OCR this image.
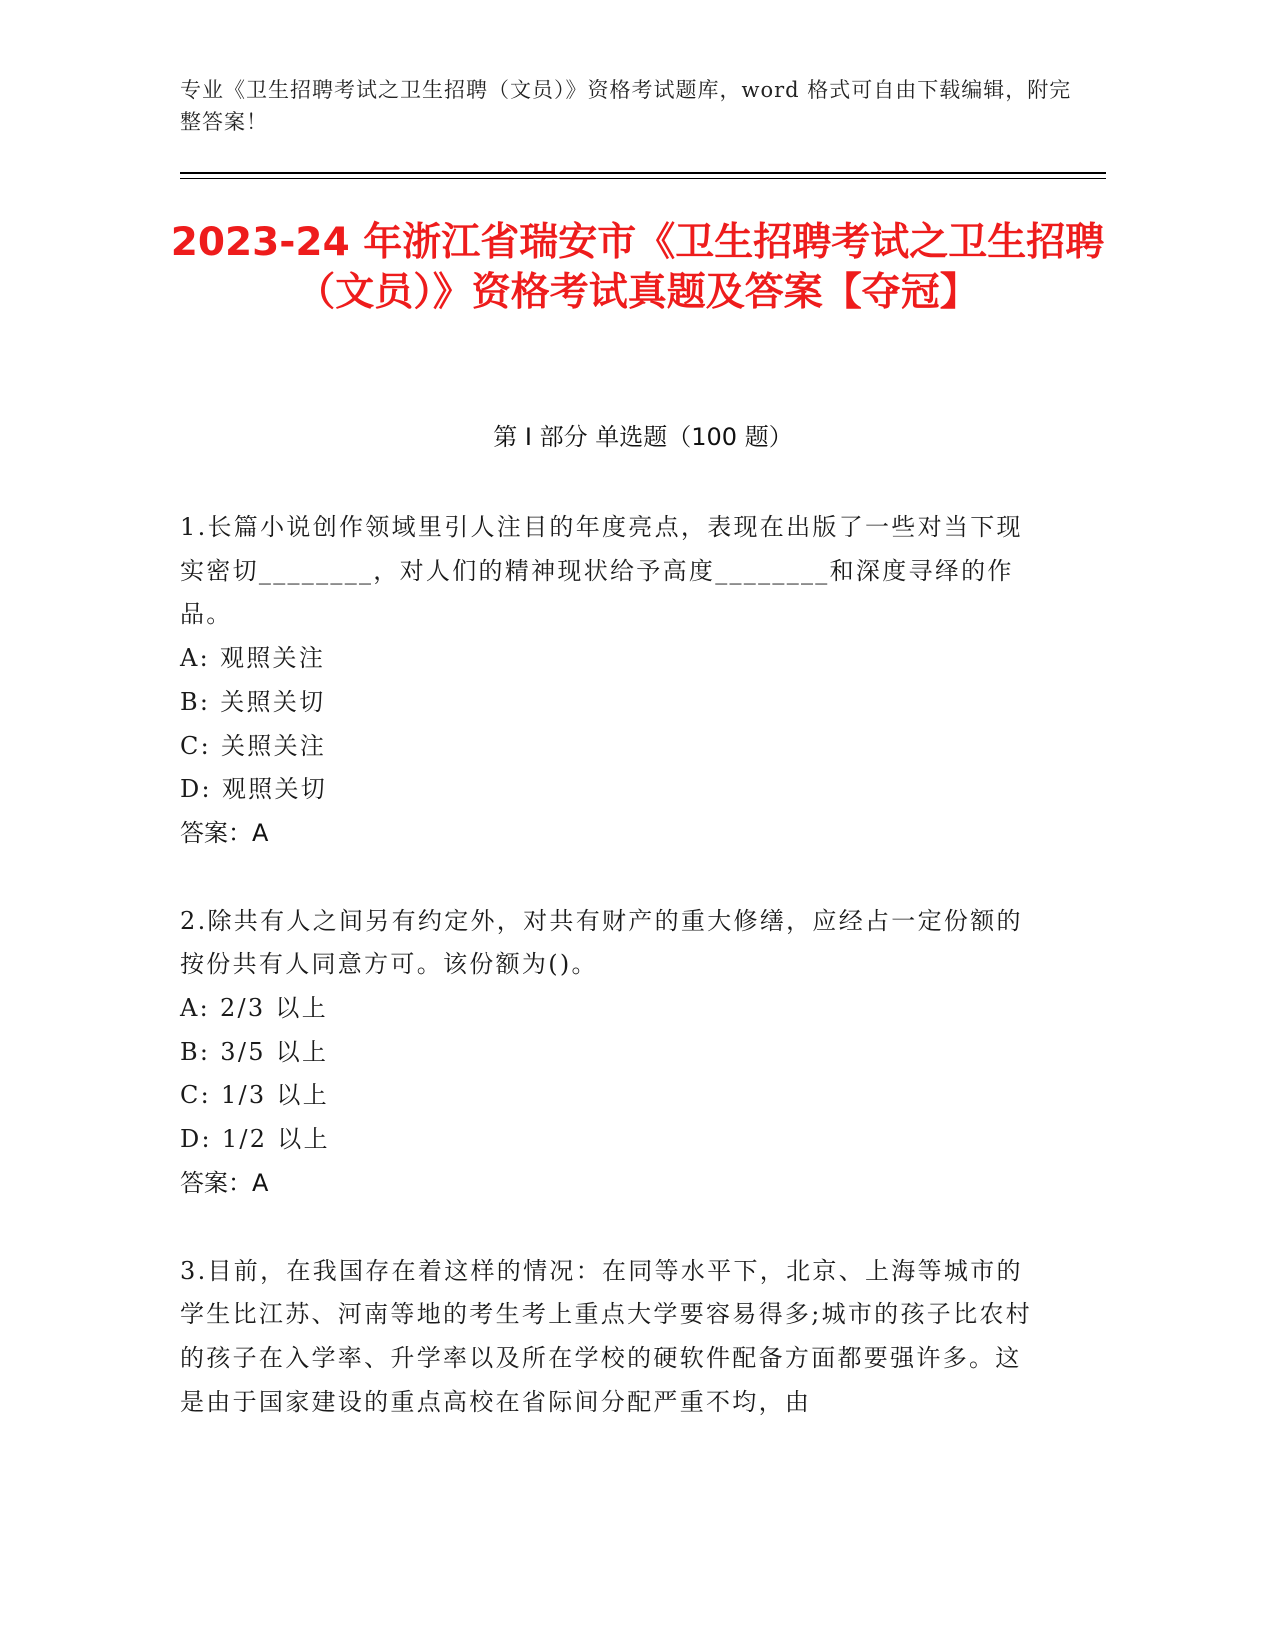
专业《卫生招聘考试之卫生招聘（文员）》资格考试题库，word 格式可自由下载编辑，附完整答案！
2023-24 年浙江省瑞安市《卫生招聘考试之卫生招聘（文员）》资格考试真题及答案【夺冠】
第 I 部分 单选题（100 题）

1.长篇小说创作领域里引人注目的年度亮点，表现在出版了一些对当下现实密切________，对人们的精神现状给予高度________和深度寻绎的作品。

A: 观照关注

B: 关照关切

C: 关照关注

D: 观照关切

答案：A

2.除共有人之间另有约定外，对共有财产的重大修缮，应经占一定份额的按份共有人同意方可。该份额为()。

A: 2/3 以上

B: 3/5 以上

C: 1/3 以上

D: 1/2 以上

答案：A

3.目前，在我国存在着这样的情况：在同等水平下，北京、上海等城市的学生比江苏、河南等地的考生考上重点大学要容易得多;城市的孩子比农村的孩子在入学率、升学率以及所在学校的硬软件配备方面都要强许多。这是由于国家建设的重点高校在省际间分配严重不均，由
